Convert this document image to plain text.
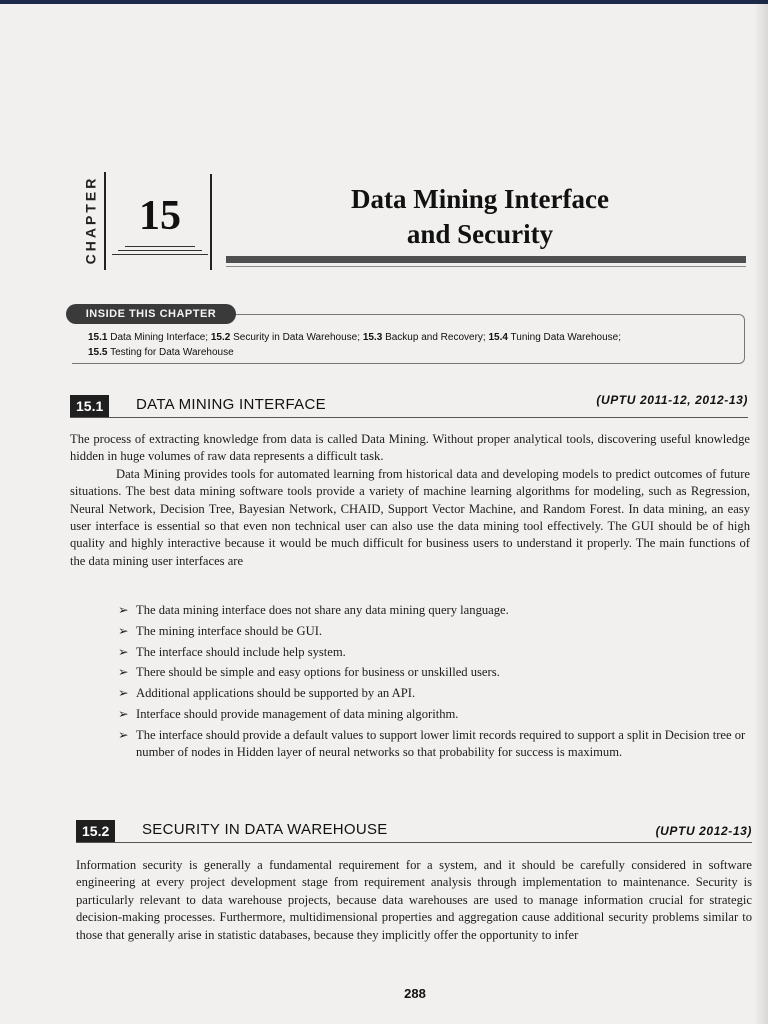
CHAPTER 15	Data Mining Interface
and Security
INSIDE THIS CHAPTER
15.1 Data Mining Interface; 15.2 Security in Data Warehouse; 15.3 Backup and Recovery; 15.4 Tuning Data Warehouse;
15.5 Testing for Data Warehouse
15.1	DATA MINING INTERFACE	(UPTU 2011-12, 2012-13)

The process of extracting knowledge from data is called Data Mining. Without proper analytical tools, discovering useful knowledge hidden in huge volumes of raw data represents a difficult task.

Data Mining provides tools for automated learning from historical data and developing models to predict outcomes of future situations. The best data mining software tools provide a variety of machine learning algorithms for modeling, such as Regression, Neural Network, Decision Tree, Bayesian Network, CHAID, Support Vector Machine, and Random Forest. In data mining, an easy user interface is essential so that even non technical user can also use the data mining tool effectively. The GUI should be of high quality and highly interactive because it would be much difficult for business users to understand it properly. The main functions of the data mining user interfaces are

➢ The data mining interface does not share any data mining query language.
➢ The mining interface should be GUI.
➢ The interface should include help system.
➢ There should be simple and easy options for business or unskilled users.
➢ Additional applications should be supported by an API.
➢ Interface should provide management of data mining algorithm.
➢ The interface should provide a default values to support lower limit records required to support a split in Decision tree or number of nodes in Hidden layer of neural networks so that probability for success is maximum.
15.2	SECURITY IN DATA WAREHOUSE	(UPTU 2012-13)

Information security is generally a fundamental requirement for a system, and it should be carefully considered in software engineering at every project development stage from requirement analysis through implementation to maintenance. Security is particularly relevant to data warehouse projects, because data warehouses are used to manage information crucial for strategic decision-making processes. Furthermore, multidimensional properties and aggregation cause additional security problems similar to those that generally arise in statistic databases, because they implicitly offer the opportunity to infer

288
